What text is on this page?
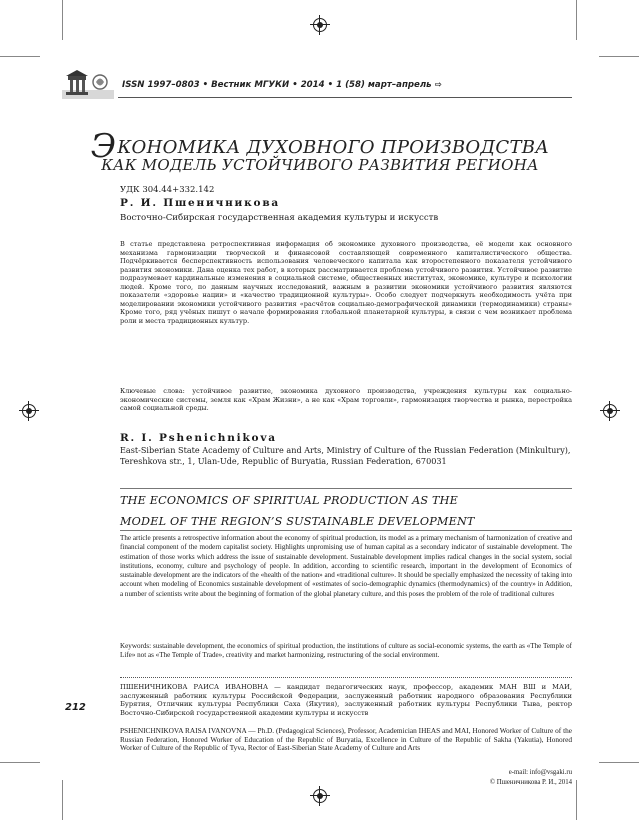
ISSN 1997–0803 • Вестник МГУКИ • 2014 • 1 (58) март–апрель ⇨
ЭКОНОМИКА ДУХОВНОГО ПРОИЗВОДСТВА
КАК МОДЕЛЬ УСТОЙЧИВОГО РАЗВИТИЯ РЕГИОНА
УДК 304.44+332.142
Р. И. Пшеничникова
Восточно-Сибирская государственная академия культуры и искусств
В статье представлена ретроспективная информация об экономике духовного производства, её модели как основного механизма гармонизации творческой и финансовой составляющей современного капиталистического общества. Подчёркивается бесперспективность использования человеческого капитала как второстепенного показателя устойчивого развития экономики. Дана оценка тех работ, в которых рассматривается проблема устойчивого развития. Устойчивое развитие подразумевает кардинальные изменения в социальной системе, общественных институтах, экономике, культуре и психологии людей. Кроме того, по данным научных исследований, важным в развитии экономики устойчивого развития являются показатели «здоровье нации» и «качество традиционной культуры». Особо следует подчеркнуть необходимость учёта при моделировании экономики устойчивого развития «расчётов социально-демографической динамики (термодинамики) страны» Кроме того, ряд учёных пишут о начале формирования глобальной планетарной культуры, в связи с чем возникает проблема роли и места традиционных культур.
Ключевые слова: устойчивое развитие, экономика духовного производства, учреждения культуры как социально-экономические системы, земля как «Храм Жизни», а не как «Храм торговли», гармонизация творчества и рынка, перестройка самой социальной среды.
R. I. Pshenichnikova
East-Siberian State Academy of Culture and Arts, Ministry of Culture of the Russian Federation (Minkultury), Tereshkova str., 1, Ulan-Ude, Republic of Buryatia, Russian Federation, 670031
THE ECONOMICS OF SPIRITUAL PRODUCTION AS THE
MODEL OF THE REGION’S SUSTAINABLE DEVELOPMENT
The article presents a retrospective information about the economy of spiritual production, its model as a primary mechanism of harmonization of creative and financial component of the modern capitalist society. Highlights unpromising use of human capital as a secondary indicator of sustainable development. The estimation of those works which address the issue of sustainable development. Sustainable development implies radical changes in the social system, social institutions, economy, culture and psychology of people. In addition, according to scientific research, important in the development of Economics of sustainable development are the indicators of the «health of the nation» and «traditional culture». It should be specially emphasized the necessity of taking into account when modeling of Economics sustainable development of «estimates of socio-demographic dynamics (thermodynamics) of the country» in Addition, a number of scientists write about the beginning of formation of the global planetary culture, and this poses the problem of the role of traditional cultures
Keywords: sustainable development, the economics of spiritual production, the institutions of culture as social-economic systems, the earth as «The Temple of Life» not as «The Temple of Trade», creativity and market harmonizing, restructuring of the social environment.
ПШЕНИЧНИКОВА РАИСА ИВАНОВНА — кандидат педагогических наук, профессор, академик МАН ВШ и МАИ, заслуженный работник культуры Российской Федерации, заслуженный работник народного образования Республики Бурятия, Отличник культуры Республики Саха (Якутия), заслуженный работник культуры Республики Тыва, ректор Восточно-Сибирской государственной академии культуры и искусств
PSHENICHNIKOVA RAISA IVANOVNA — Ph.D. (Pedagogical Sciences), Professor, Academician IHEAS and MAI, Honored Worker of Culture of the Russian Federation, Honored Worker of Education of the Republic of Buryatia, Excellence in Culture of the Republic of Sakha (Yakutia), Honored Worker of Culture of the Republic of Tyva, Rector of East-Siberian State Academy of Culture and Arts
e-mail: info@vsgaki.ru
© Пшеничникова Р. И., 2014
212
